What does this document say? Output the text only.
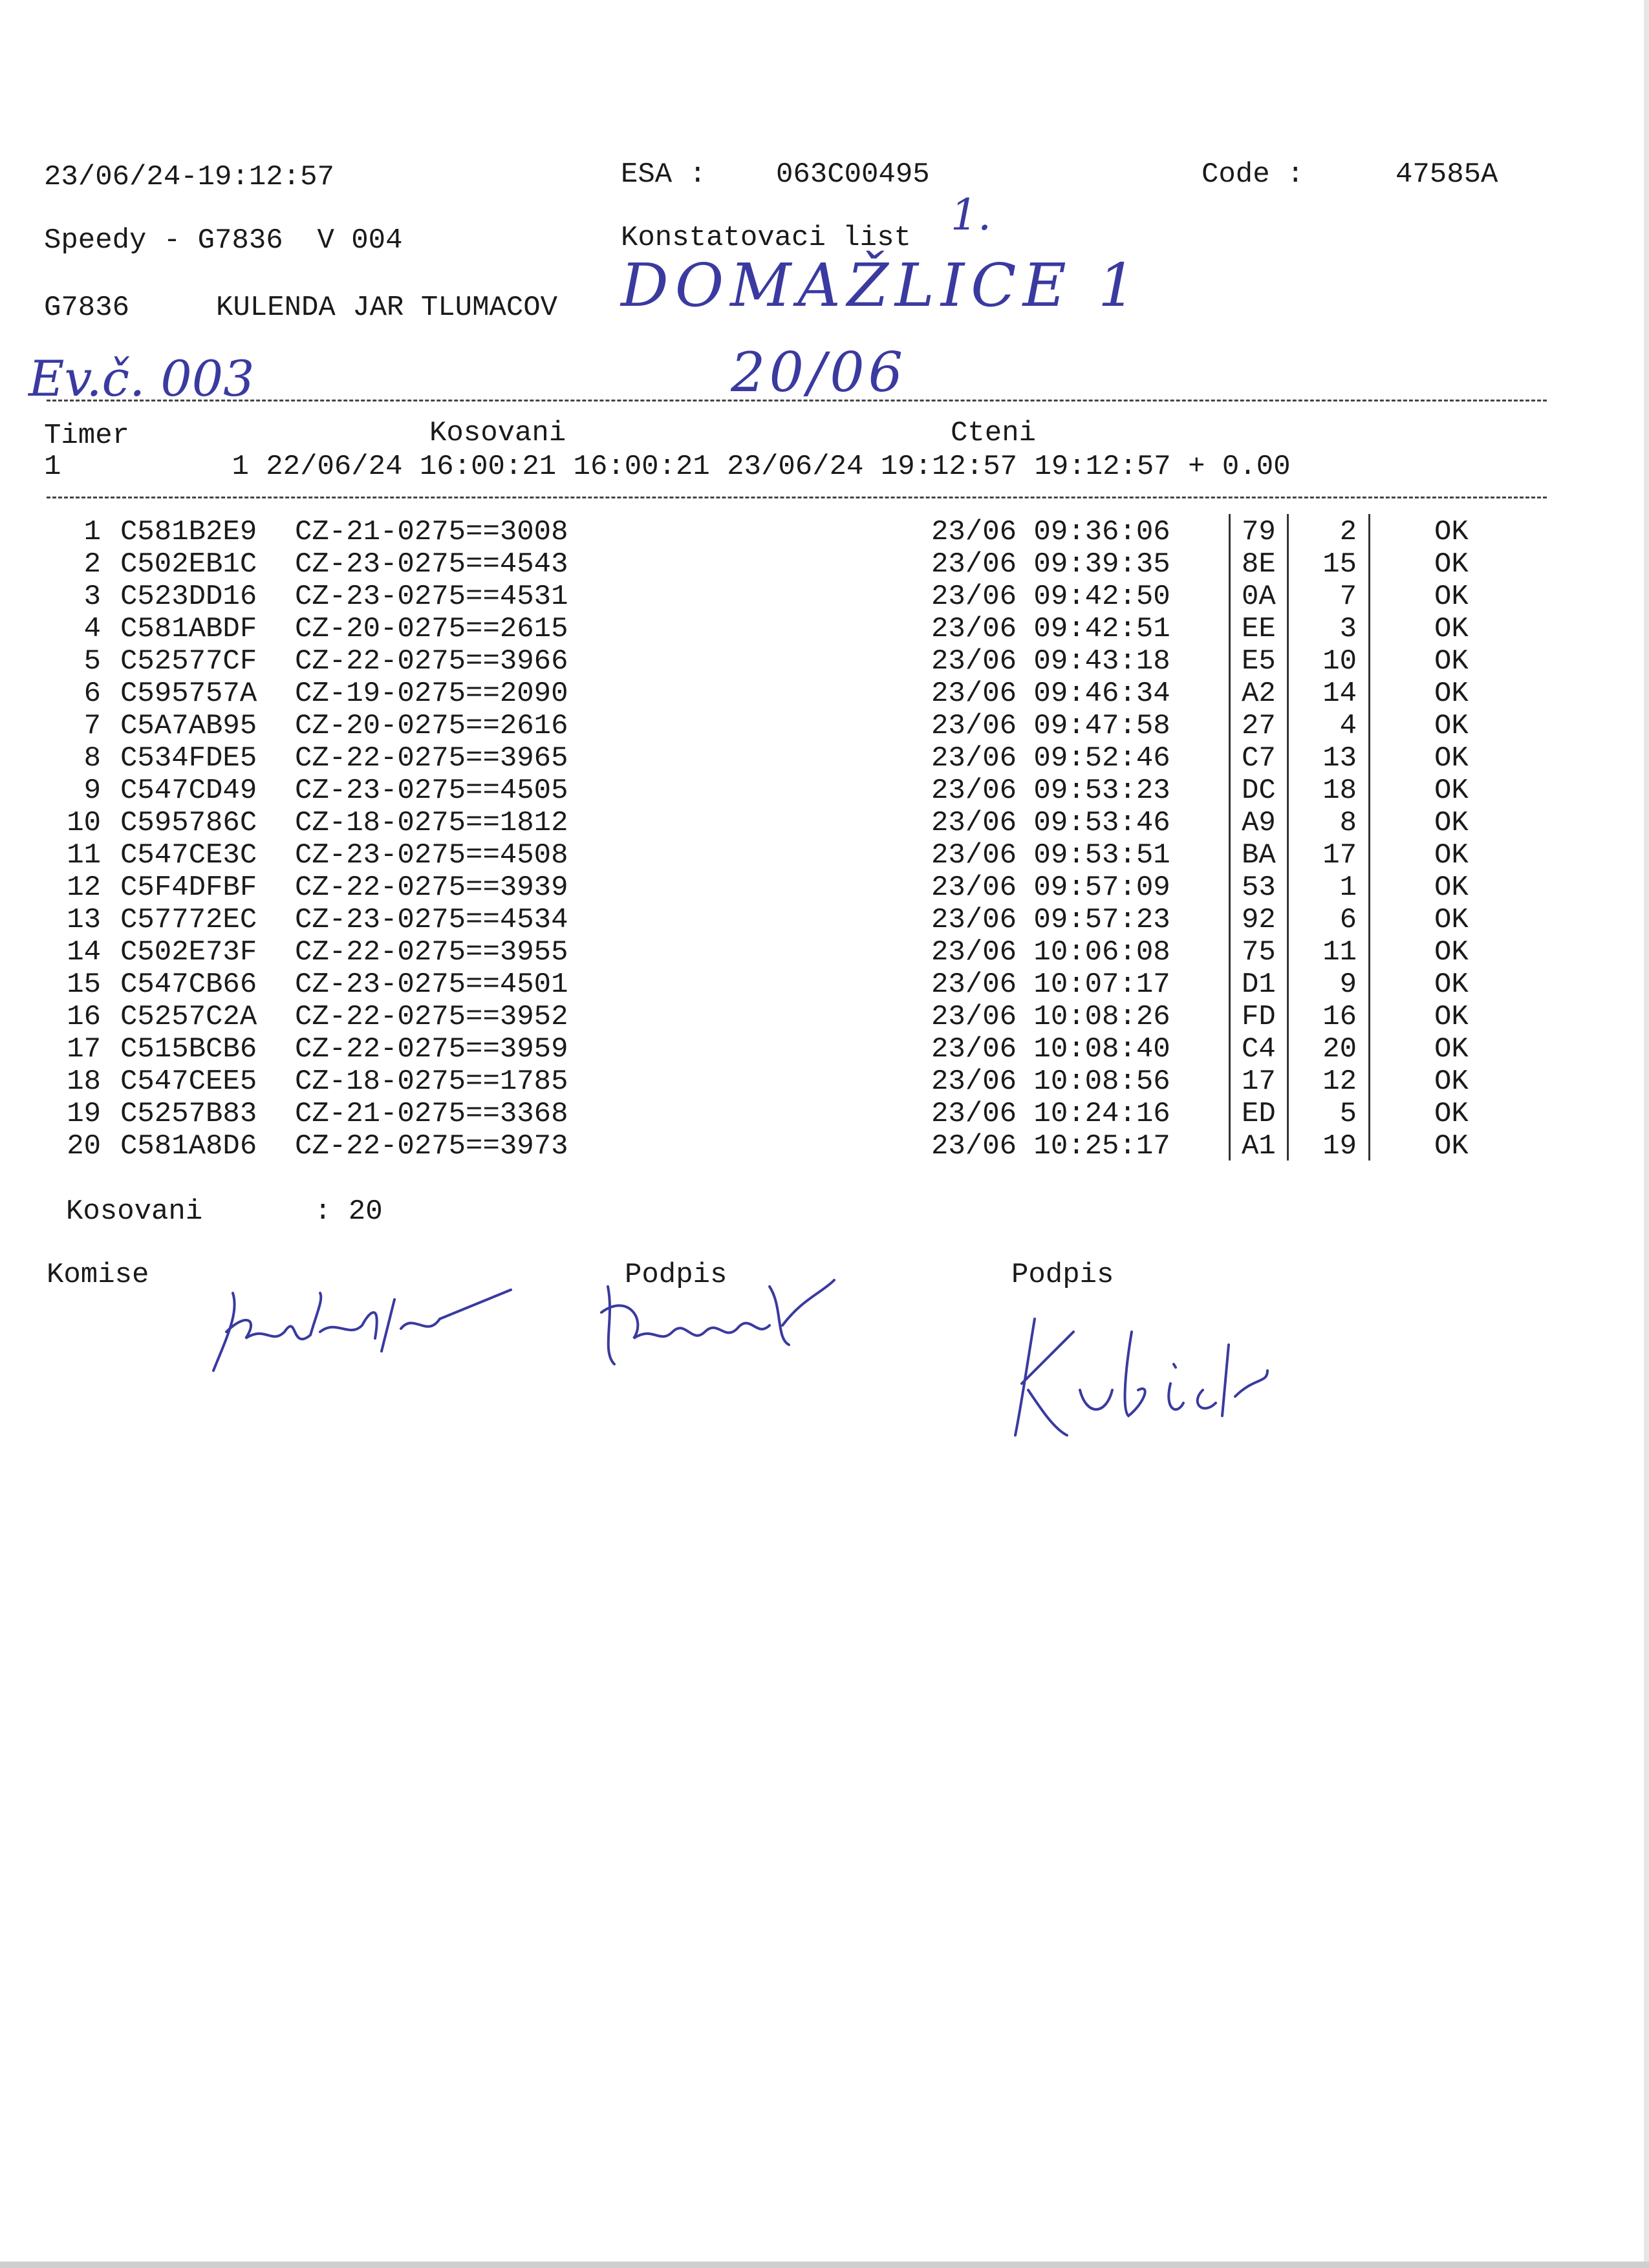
23/06/24-19:12:57	ESA : 063C00495	Code :	47585A
Speedy - G7836  V 004	Konstatovaci list 1.
G7836	KULENDA JAR TLUMACOV DOMAŽLICE 1
Ev.č. 003	20/06
Timer	Kosovani	Cteni
1          1 22/06/24 16:00:21 16:00:21 23/06/24 19:12:57 19:12:57 + 0.00
1 C581B2E9 CZ-21-0275==3008	23/06 09:36:06	79 2	OK
2 C502EB1C CZ-23-0275==4543	23/06 09:39:35	8E 15	OK
3 C523DD16 CZ-23-0275==4531	23/06 09:42:50	0A 7	OK
4 C581ABDF CZ-20-0275==2615	23/06 09:42:51	EE 3	OK
5 C52577CF CZ-22-0275==3966	23/06 09:43:18	E5 10	OK
6 C595757A CZ-19-0275==2090	23/06 09:46:34	A2 14	OK
7 C5A7AB95 CZ-20-0275==2616	23/06 09:47:58	27 4	OK
8 C534FDE5 CZ-22-0275==3965	23/06 09:52:46	C7 13	OK
9 C547CD49 CZ-23-0275==4505	23/06 09:53:23	DC 18	OK
10 C595786C CZ-18-0275==1812	23/06 09:53:46	A9 8	OK
11 C547CE3C CZ-23-0275==4508	23/06 09:53:51	BA 17	OK
12 C5F4DFBF CZ-22-0275==3939	23/06 09:57:09	53 1	OK
13 C57772EC CZ-23-0275==4534	23/06 09:57:23	92 6	OK
14 C502E73F CZ-22-0275==3955	23/06 10:06:08	75 11	OK
15 C547CB66 CZ-23-0275==4501	23/06 10:07:17	D1 9	OK
16 C5257C2A CZ-22-0275==3952	23/06 10:08:26	FD 16	OK
17 C515BCB6 CZ-22-0275==3959	23/06 10:08:40	C4 20	OK
18 C547CEE5 CZ-18-0275==1785	23/06 10:08:56	17 12	OK
19 C5257B83 CZ-21-0275==3368	23/06 10:24:16	ED 5	OK
20 C581A8D6 CZ-22-0275==3973	23/06 10:25:17	A1 19	OK
Kosovani	: 20
Komise	Podpis	Podpis
